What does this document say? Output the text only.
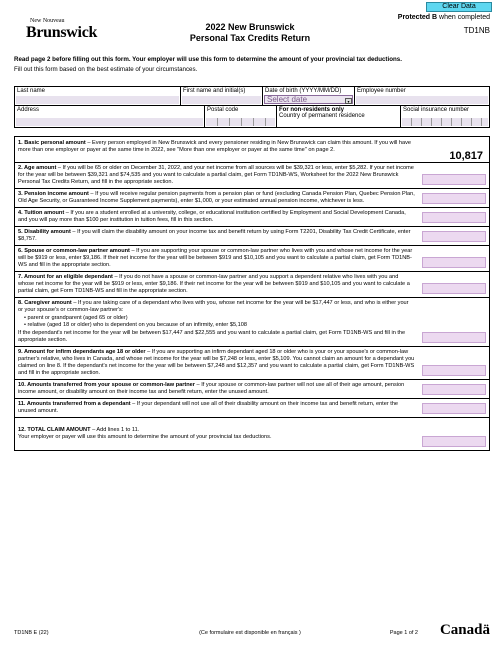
Clear Data
Protected B when completed
TD1NB
New Nouveau
Brunswick	2022 New Brunswick
Personal Tax Credits Return
Read page 2 before filling out this form. Your employer will use this form to determine the amount of your provincial tax deductions.
Fill out this form based on the best estimate of your circumstances.
Last name	First name and initial(s)	Date of birth (YYYY/MM/DD)
Select date	▾
Employee number
Address	Postal code	For non-residents only
Country of permanent residence
Social insurance number
1. Basic personal amount – Every person employed in New Brunswick and every pensioner residing in New Brunswick can claim this amount. If you will have more than one employer or payer at the same time in 2022, see "More than one employer or payer at the same time" on page 2.	10,817
2. Age amount – If you will be 65 or older on December 31, 2022, and your net income from all sources will be $39,321 or less, enter $5,282. If your net income for the year will be between $39,321 and $74,535 and you want to calculate a partial claim, get Form TD1NB-WS, Worksheet for the 2022 New Brunswick Personal Tax Credits Return, and fill in the appropriate section.
3. Pension income amount – If you will receive regular pension payments from a pension plan or fund (excluding Canada Pension Plan, Quebec Pension Plan, Old Age Security, or Guaranteed Income Supplement payments), enter $1,000, or your estimated annual pension income, whichever is less.
4. Tuition amount – If you are a student enrolled at a university, college, or educational institution certified by Employment and Social Development Canada, and you will pay more than $100 per institution in tuition fees, fill in this section.
5. Disability amount – If you will claim the disability amount on your income tax and benefit return by using Form T2201, Disability Tax Credit Certificate, enter $8,757.
6. Spouse or common-law partner amount – If you are supporting your spouse or common-law partner who lives with you and whose net income for the year will be $919 or less, enter $9,186. If their net income for the year will be between $919 and $10,105 and you want to calculate a partial claim, get Form TD1NB-WS and fill in the appropriate section.
7. Amount for an eligible dependant – If you do not have a spouse or common-law partner and you support a dependent relative who lives with you and whose net income for the year will be $919 or less, enter $9,186. If their net income for the year will be between $919 and $10,105 and you want to calculate a partial claim, get Form TD1NB-WS and fill in the appropriate section.
8. Caregiver amount – If you are taking care of a dependant who lives with you, whose net income for the year will be $17,447 or less, and who is either your or your spouse's or common-law partner's:
• parent or grandparent (aged 65 or older)
• relative (aged 18 or older) who is dependent on you because of an infirmity, enter $5,108
If the dependant's net income for the year will be between $17,447 and $22,555 and you want to calculate a partial claim, get Form TD1NB-WS and fill in the appropriate section.
9. Amount for infirm dependants age 18 or older – If you are supporting an infirm dependant aged 18 or older who is your or your spouse's or common-law partner's relative, who lives in Canada, and whose net income for the year will be $7,248 or less, enter $5,109. You cannot claim an amount for a dependant you claimed on line 8. If the dependant's net income for the year will be between $7,248 and $12,357 and you want to calculate a partial claim, get Form TD1NB-WS and fill in the appropriate section.
10. Amounts transferred from your spouse or common-law partner – If your spouse or common-law partner will not use all of their age amount, pension income amount, or disability amount on their income tax and benefit return, enter the unused amount.
11. Amounts transferred from a dependant – If your dependant will not use all of their disability amount on their income tax and benefit return, enter the unused amount.

12. TOTAL CLAIM AMOUNT – Add lines 1 to 11.
Your employer or payer will use this amount to determine the amount of your provincial tax deductions.

TD1NB E (22)	(Ce formulaire est disponible en français )	Page 1 of 2 Canadä
